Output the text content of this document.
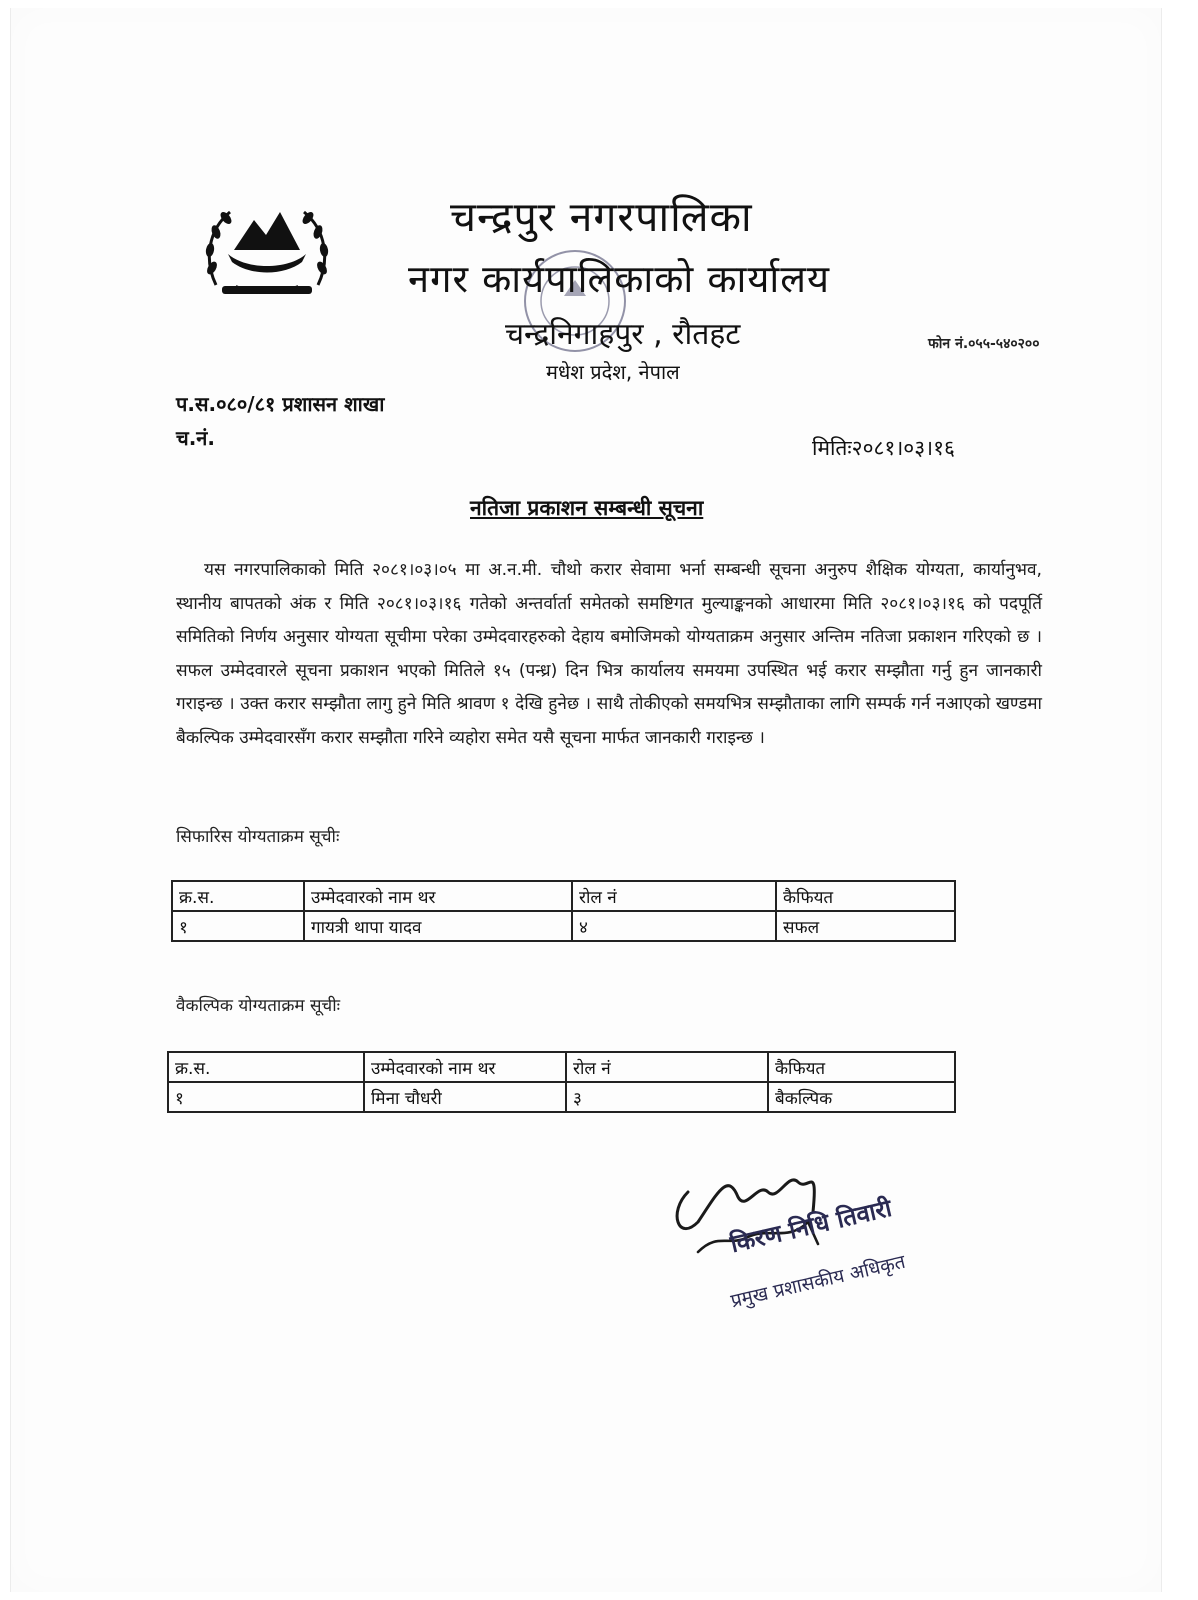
चन्द्रपुर नगरपालिका
नगर कार्यपालिकाको कार्यालय
चन्द्रनिगाहपुर , रौतहट
मधेश प्रदेश, नेपाल
फोन नं.०५५-५४०२००
प.स.०८०/८१ प्रशासन शाखा
च.नं.	मितिः२०८१।०३।१६
नतिजा प्रकाशन सम्बन्धी सूचना
यस नगरपालिकाको मिति २०८१।०३।०५ मा अ.न.मी. चौथो करार सेवामा भर्ना सम्बन्धी सूचना अनुरुप शैक्षिक योग्यता, कार्यानुभव, स्थानीय बापतको अंक र मिति २०८१।०३।१६ गतेको अन्तर्वार्ता समेतको समष्टिगत मुल्याङ्कनको आधारमा मिति २०८१।०३।१६ को पदपूर्ति समितिको निर्णय अनुसार योग्यता सूचीमा परेका उम्मेदवारहरुको देहाय बमोजिमको योग्यताक्रम अनुसार अन्तिम नतिजा प्रकाशन गरिएको छ ।सफल उम्मेदवारले सूचना प्रकाशन भएको मितिले १५ (पन्ध्र) दिन भित्र कार्यालय समयमा उपस्थित भई करार सम्झौता गर्नु हुन जानकारी गराइन्छ । उक्त करार सम्झौता लागु हुने मिति श्रावण १ देखि हुनेछ । साथै तोकीएको समयभित्र सम्झौताका लागि सम्पर्क गर्न नआएको खण्डमा बैकल्पिक उम्मेदवारसँग करार सम्झौता गरिने व्यहोरा समेत यसै सूचना मार्फत जानकारी गराइन्छ ।
सिफारिस योग्यताक्रम सूचीः
क्र.स.	उम्मेदवारको नाम थर	रोल नं	कैफियत
१	गायत्री थापा यादव	४	सफल
वैकल्पिक योग्यताक्रम सूचीः
क्र.स.	उम्मेदवारको नाम थर	रोल नं	कैफियत
१	मिना चौधरी	३	बैकल्पिक
किरण निधि तिवारी
प्रमुख प्रशासकीय अधिकृत
